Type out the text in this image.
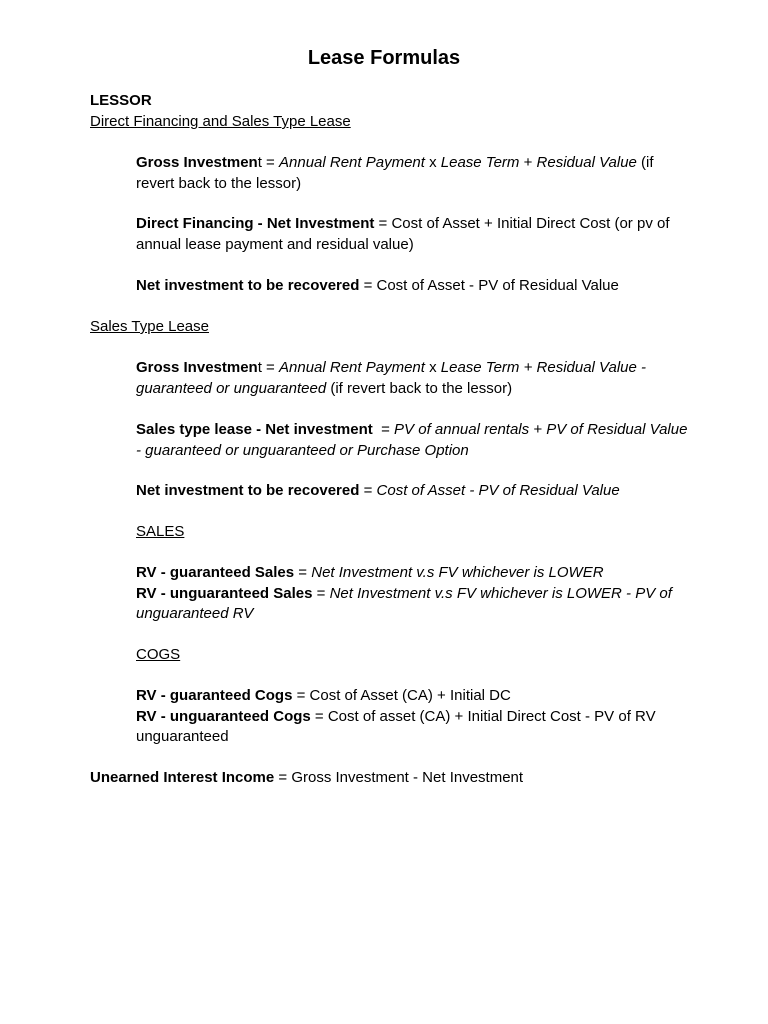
Lease Formulas

LESSOR

Direct Financing and Sales Type Lease

Gross Investment = Annual Rent Payment x Lease Term + Residual Value (if revert back to the lessor)

Direct Financing - Net Investment = Cost of Asset + Initial Direct Cost (or pv of annual lease payment and residual value)

Net investment to be recovered = Cost of Asset - PV of Residual Value

Sales Type Lease

Gross Investment = Annual Rent Payment x Lease Term + Residual Value - guaranteed or unguaranteed (if revert back to the lessor)

Sales type lease - Net investment  = PV of annual rentals + PV of Residual Value - guaranteed or unguaranteed or Purchase Option

Net investment to be recovered = Cost of Asset - PV of Residual Value

SALES

RV - guaranteed Sales = Net Investment v.s FV whichever is LOWER

RV - unguaranteed Sales = Net Investment v.s FV whichever is LOWER - PV of unguaranteed RV

COGS

RV - guaranteed Cogs = Cost of Asset (CA) + Initial DC

RV - unguaranteed Cogs = Cost of asset (CA) + Initial Direct Cost - PV of RV unguaranteed

Unearned Interest Income = Gross Investment - Net Investment
